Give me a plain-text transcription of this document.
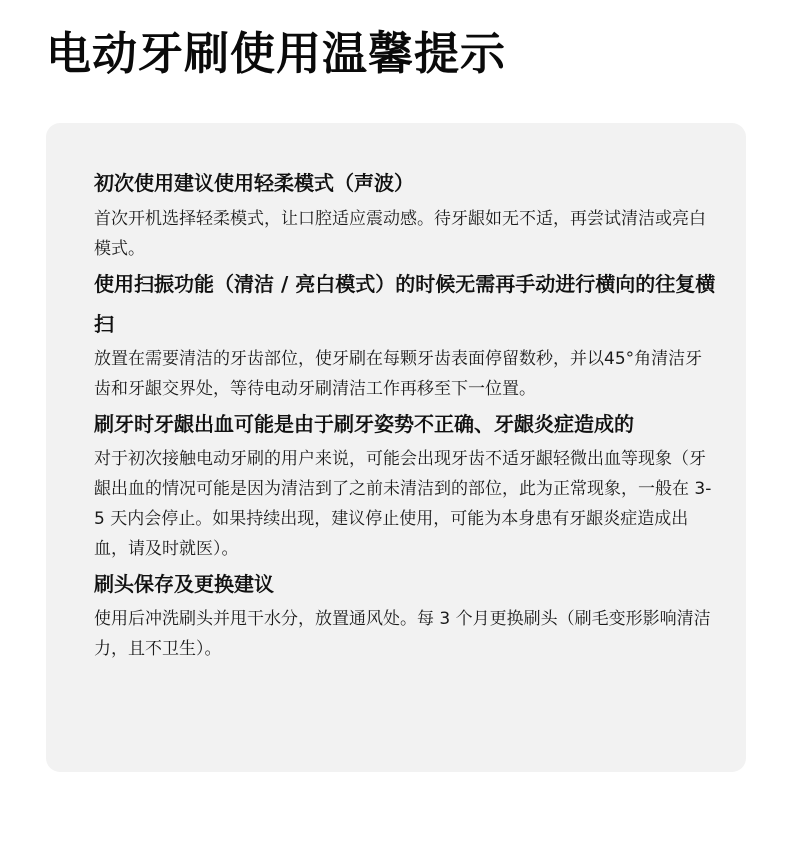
电动牙刷使用温馨提示

初次使用建议使用轻柔模式（声波）

首次开机选择轻柔模式，让口腔适应震动感。待牙龈如无不适，再尝试清洁或亮白模式。

使用扫振功能（清洁 / 亮白模式）的时候无需再手动进行横向的往复横扫

放置在需要清洁的牙齿部位，使牙刷在每颗牙齿表面停留数秒，并以45°角清洁牙齿和牙龈交界处，等待电动牙刷清洁工作再移至下一位置。

刷牙时牙龈出血可能是由于刷牙姿势不正确、牙龈炎症造成的

对于初次接触电动牙刷的用户来说，可能会出现牙齿不适牙龈轻微出血等现象（牙龈出血的情况可能是因为清洁到了之前未清洁到的部位，此为正常现象，一般在 3-5 天内会停止。如果持续出现，建议停止使用，可能为本身患有牙龈炎症造成出血，请及时就医）。

刷头保存及更换建议

使用后冲洗刷头并甩干水分，放置通风处。每 3 个月更换刷头（刷毛变形影响清洁力，且不卫生）。
